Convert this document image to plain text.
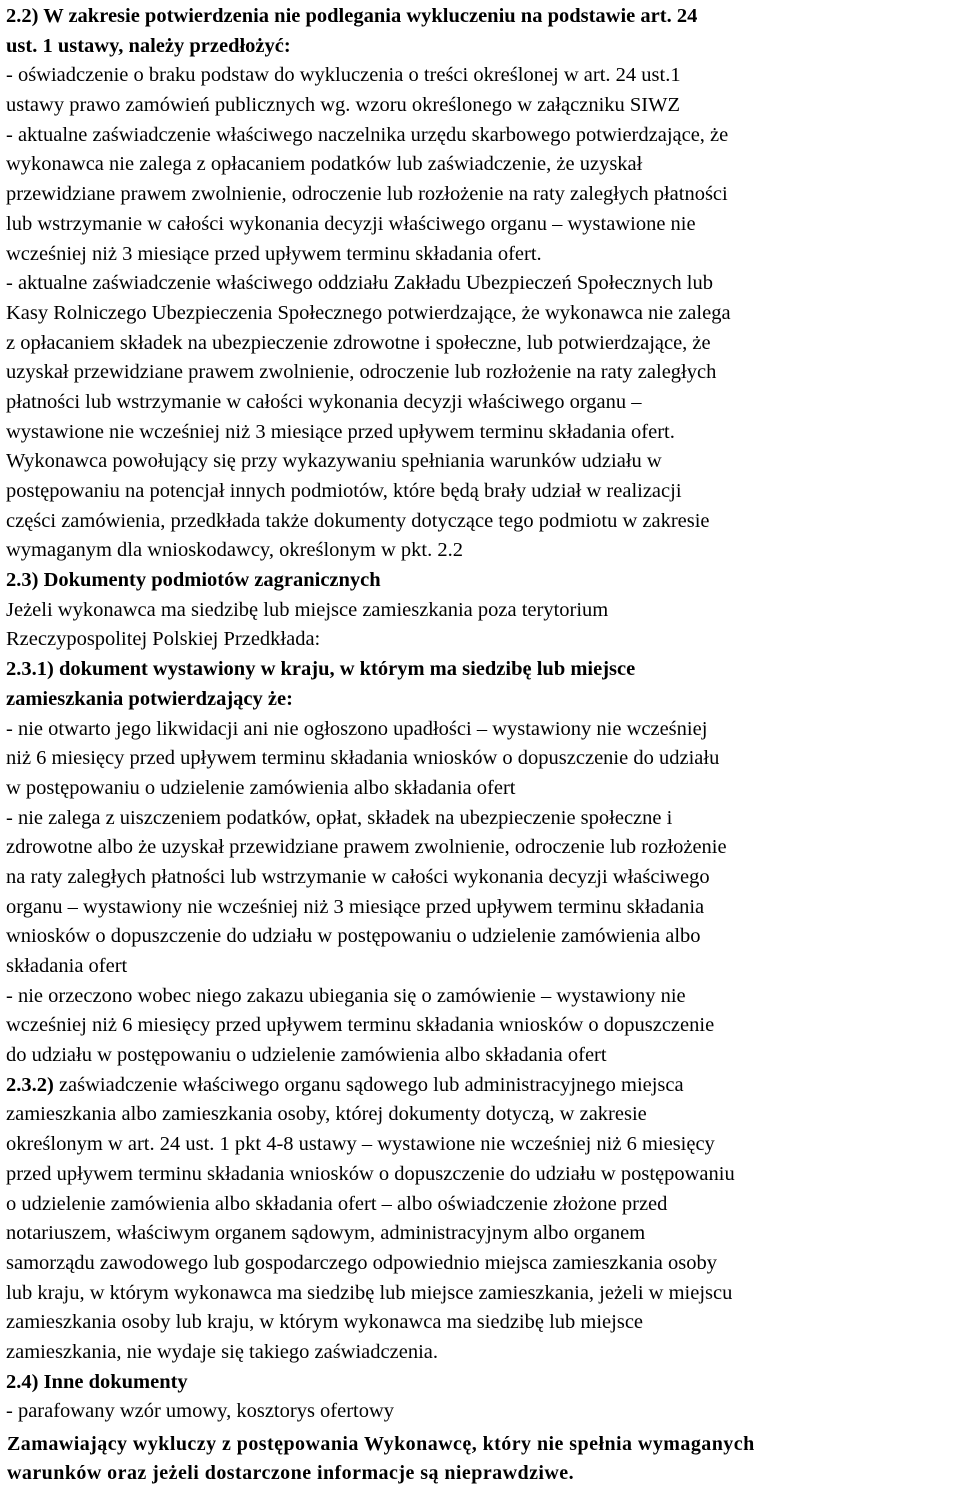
2.2) W zakresie potwierdzenia nie podlegania wykluczeniu na podstawie art. 24
ust. 1 ustawy, należy przedłożyć:
- oświadczenie o braku podstaw do wykluczenia o treści określonej w art. 24 ust.1
ustawy prawo zamówień publicznych wg. wzoru określonego w załączniku SIWZ
- aktualne zaświadczenie właściwego naczelnika urzędu skarbowego potwierdzające, że
wykonawca nie zalega z opłacaniem podatków lub zaświadczenie, że uzyskał
przewidziane prawem zwolnienie, odroczenie lub rozłożenie na raty zaległych płatności
lub wstrzymanie w całości wykonania decyzji właściwego organu – wystawione nie
wcześniej niż 3 miesiące przed upływem terminu składania ofert.
- aktualne zaświadczenie właściwego oddziału Zakładu Ubezpieczeń Społecznych lub
Kasy Rolniczego Ubezpieczenia Społecznego potwierdzające, że wykonawca nie zalega
z opłacaniem składek na ubezpieczenie zdrowotne i społeczne, lub potwierdzające, że
uzyskał przewidziane prawem zwolnienie, odroczenie lub rozłożenie na raty zaległych
płatności lub wstrzymanie w całości wykonania decyzji właściwego organu –
wystawione nie wcześniej niż 3 miesiące przed upływem terminu składania ofert.
Wykonawca powołujący się przy wykazywaniu spełniania warunków udziału w
postępowaniu na potencjał innych podmiotów, które będą brały udział w realizacji
części zamówienia, przedkłada także dokumenty dotyczące tego podmiotu w zakresie
wymaganym dla wnioskodawcy, określonym w pkt. 2.2
2.3) Dokumenty podmiotów zagranicznych
Jeżeli wykonawca ma siedzibę lub miejsce zamieszkania poza terytorium
Rzeczypospolitej Polskiej Przedkłada:
2.3.1) dokument wystawiony w kraju, w którym ma siedzibę lub miejsce
zamieszkania potwierdzający że:
- nie otwarto jego likwidacji ani nie ogłoszono upadłości – wystawiony nie wcześniej
niż 6 miesięcy przed upływem terminu składania wniosków o dopuszczenie do udziału
w postępowaniu o udzielenie zamówienia albo składania ofert
- nie zalega z uiszczeniem podatków, opłat, składek na ubezpieczenie społeczne i
zdrowotne albo że uzyskał przewidziane prawem zwolnienie, odroczenie lub rozłożenie
na raty zaległych płatności lub wstrzymanie w całości wykonania decyzji właściwego
organu – wystawiony nie wcześniej niż 3 miesiące przed upływem terminu składania
wniosków o dopuszczenie do udziału w postępowaniu o udzielenie zamówienia albo
składania ofert
- nie orzeczono wobec niego zakazu ubiegania się o zamówienie – wystawiony nie
wcześniej niż 6 miesięcy przed upływem terminu składania wniosków o dopuszczenie
do udziału w postępowaniu o udzielenie zamówienia albo składania ofert
2.3.2) zaświadczenie właściwego organu sądowego lub administracyjnego miejsca
zamieszkania albo zamieszkania osoby, której dokumenty dotyczą, w zakresie
określonym w art. 24 ust. 1 pkt 4-8 ustawy – wystawione nie wcześniej niż 6 miesięcy
przed upływem terminu składania wniosków o dopuszczenie do udziału w postępowaniu
o udzielenie zamówienia albo składania ofert – albo oświadczenie złożone przed
notariuszem, właściwym organem sądowym, administracyjnym albo organem
samorządu zawodowego lub gospodarczego odpowiednio miejsca zamieszkania osoby
lub kraju, w którym wykonawca ma siedzibę lub miejsce zamieszkania, jeżeli w miejscu
zamieszkania osoby lub kraju, w którym wykonawca ma siedzibę lub miejsce
zamieszkania, nie wydaje się takiego zaświadczenia.
2.4) Inne dokumenty
- parafowany wzór umowy, kosztorys ofertowy
Zamawiający wykluczy z postępowania Wykonawcę, który nie spełnia wymaganych
warunków oraz jeżeli dostarczone informacje są nieprawdziwe.
